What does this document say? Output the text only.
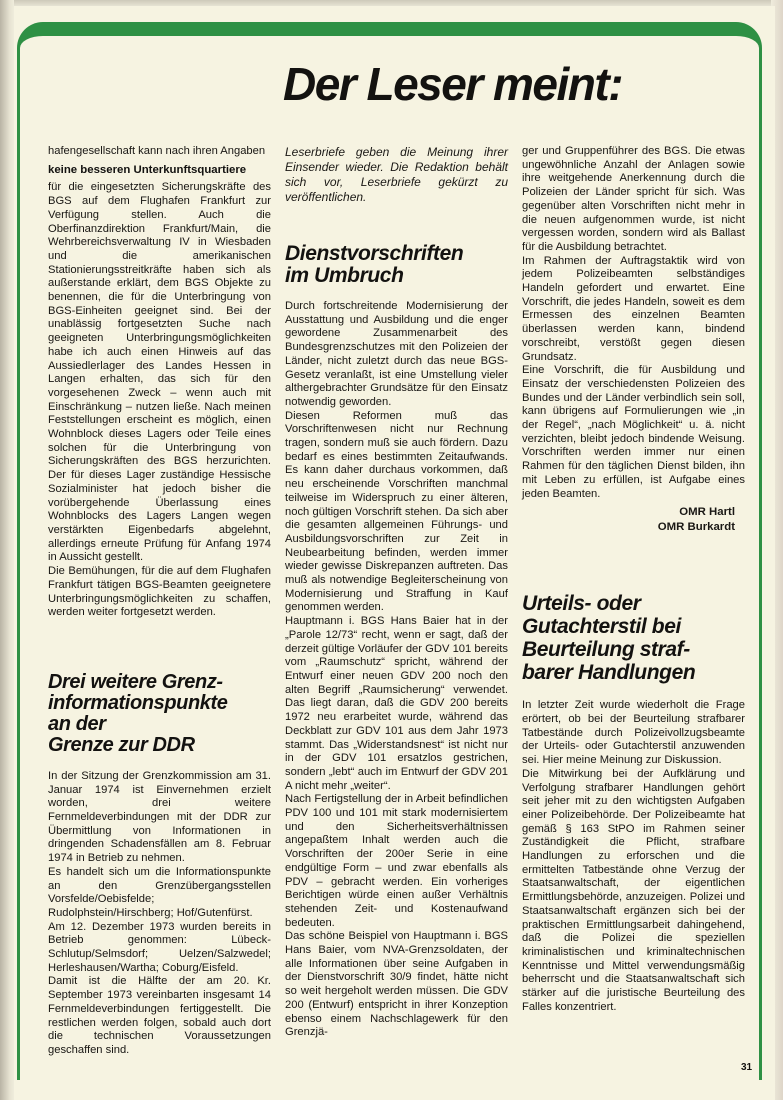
Der Leser meint:

hafengesellschaft kann nach ihren Angaben

keine besseren Unterkunftsquartiere

für die eingesetzten Sicherungskräfte des BGS auf dem Flughafen Frankfurt zur Verfügung stellen. Auch die Oberfinanzdirektion Frankfurt/Main, die Wehrbereichsverwaltung IV in Wiesbaden und die amerikanischen Stationierungsstreitkräfte haben sich als außerstande erklärt, dem BGS Objekte zu benennen, die für die Unterbringung von BGS-Einheiten geeignet sind. Bei der unablässig fortgesetzten Suche nach geeigneten Unterbringungsmöglichkeiten habe ich auch einen Hinweis auf das Aussiedlerlager des Landes Hessen in Langen erhalten, das sich für den vorgesehenen Zweck – wenn auch mit Einschränkung – nutzen ließe. Nach meinen Feststellungen erscheint es möglich, einen Wohnblock dieses Lagers oder Teile eines solchen für die Unterbringung von Sicherungskräften des BGS herzurichten. Der für dieses Lager zuständige Hessische Sozialminister hat jedoch bisher die vorübergehende Überlassung eines Wohnblocks des Lagers Langen wegen verstärkten Eigenbedarfs abgelehnt, allerdings erneute Prüfung für Anfang 1974 in Aussicht gestellt.

Die Bemühungen, für die auf dem Flughafen Frankfurt tätigen BGS-Beamten geeignetere Unterbringungsmöglichkeiten zu schaffen, werden weiter fortgesetzt werden.

Drei weitere Grenz-
informationspunkte
an der
Grenze zur DDR

In der Sitzung der Grenzkommission am 31. Januar 1974 ist Einvernehmen erzielt worden, drei weitere Fernmeldeverbindungen mit der DDR zur Übermittlung von Informationen in dringenden Schadensfällen am 8. Februar 1974 in Betrieb zu nehmen.

Es handelt sich um die Informationspunkte an den Grenzübergangsstellen Vorsfelde/Oebisfelde; Rudolphstein/Hirschberg; Hof/Gutenfürst.

Am 12. Dezember 1973 wurden bereits in Betrieb genommen: Lübeck-Schlutup/Selmsdorf; Uelzen/Salzwedel; Herleshausen/Wartha; Coburg/Eisfeld.

Kr.
Damit ist die Hälfte der am 20. September 1973 vereinbarten insgesamt 14 Fernmeldeverbindungen fertiggestellt. Die restlichen werden folgen, sobald auch dort die technischen Voraussetzungen geschaffen sind.

Leserbriefe geben die Meinung ihrer Einsender wieder. Die Redaktion behält sich vor, Leserbriefe gekürzt zu veröffentlichen.

Dienstvorschriften
im Umbruch

Durch fortschreitende Modernisierung der Ausstattung und Ausbildung und die enger gewordene Zusammenarbeit des Bundesgrenzschutzes mit den Polizeien der Länder, nicht zuletzt durch das neue BGS-Gesetz veranlaßt, ist eine Umstellung vieler althergebrachter Grundsätze für den Einsatz notwendig geworden.

Diesen Reformen muß das Vorschriftenwesen nicht nur Rechnung tragen, sondern muß sie auch fördern. Dazu bedarf es eines bestimmten Zeitaufwands. Es kann daher durchaus vorkommen, daß neu erscheinende Vorschriften manchmal teilweise im Widerspruch zu einer älteren, noch gültigen Vorschrift stehen. Da sich aber die gesamten allgemeinen Führungs- und Ausbildungsvorschriften zur Zeit in Neubearbeitung befinden, werden immer wieder gewisse Diskrepanzen auftreten. Das muß als notwendige Begleiterscheinung von Modernisierung und Straffung in Kauf genommen werden.

Hauptmann i. BGS Hans Baier hat in der „Parole 12/73“ recht, wenn er sagt, daß der derzeit gültige Vorläufer der GDV 101 bereits vom „Raumschutz“ spricht, während der Entwurf einer neuen GDV 200 noch den alten Begriff „Raumsicherung“ verwendet. Das liegt daran, daß die GDV 200 bereits 1972 neu erarbeitet wurde, während das Deckblatt zur GDV 101 aus dem Jahr 1973 stammt. Das „Widerstandsnest“ ist nicht nur in der GDV 101 ersatzlos gestrichen, sondern „lebt“ auch im Entwurf der GDV 201 A nicht mehr „weiter“.

Nach Fertigstellung der in Arbeit befindlichen PDV 100 und 101 mit stark modernisiertem und den Sicherheitsverhältnissen angepaßtem Inhalt werden auch die Vorschriften der 200er Serie in eine endgültige Form – und zwar ebenfalls als PDV – gebracht werden. Ein vorheriges Berichtigen würde einen außer Verhältnis stehenden Zeit- und Kostenaufwand bedeuten.

Das schöne Beispiel von Hauptmann i. BGS Hans Baier, vom NVA-Grenzsoldaten, der alle Informationen über seine Aufgaben in der Dienstvorschrift 30/9 findet, hätte nicht so weit hergeholt werden müssen. Die GDV 200 (Entwurf) entspricht in ihrer Konzeption ebenso einem Nachschlagewerk für den Grenzjä-

ger und Gruppenführer des BGS. Die etwas ungewöhnliche Anzahl der Anlagen sowie ihre weitgehende Anerkennung durch die Polizeien der Länder spricht für sich. Was gegenüber alten Vorschriften nicht mehr in die neuen aufgenommen wurde, ist nicht vergessen worden, sondern wird als Ballast für die Ausbildung betrachtet.

Im Rahmen der Auftragstaktik wird von jedem Polizeibeamten selbständiges Handeln gefordert und erwartet. Eine Vorschrift, die jedes Handeln, soweit es dem Ermessen des einzelnen Beamten überlassen werden kann, bindend vorschreibt, verstößt gegen diesen Grundsatz.

Eine Vorschrift, die für Ausbildung und Einsatz der verschiedensten Polizeien des Bundes und der Länder verbindlich sein soll, kann übrigens auf Formulierungen wie „in der Regel“, „nach Möglichkeit“ u. ä. nicht verzichten, bleibt jedoch bindende Weisung. Vorschriften werden immer nur einen Rahmen für den täglichen Dienst bilden, ihn mit Leben zu erfüllen, ist Aufgabe eines jeden Beamten.

OMR Hartl
OMR Burkardt
Urteils- oder
Gutachterstil bei
Beurteilung straf-
barer Handlungen

In letzter Zeit wurde wiederholt die Frage erörtert, ob bei der Beurteilung strafbarer Tatbestände durch Polizeivollzugsbeamte der Urteils- oder Gutachterstil anzuwenden sei. Hier meine Meinung zur Diskussion.

Die Mitwirkung bei der Aufklärung und Verfolgung strafbarer Handlungen gehört seit jeher mit zu den wichtigsten Aufgaben einer Polizeibehörde. Der Polizeibeamte hat gemäß § 163 StPO im Rahmen seiner Zuständigkeit die Pflicht, strafbare Handlungen zu erforschen und die ermittelten Tatbestände ohne Verzug der Staatsanwaltschaft, der eigentlichen Ermittlungsbehörde, anzuzeigen. Polizei und Staatsanwaltschaft ergänzen sich bei der praktischen Ermittlungsarbeit dahingehend, daß die Polizei die speziellen kriminalistischen und kriminaltechnischen Kenntnisse und Mittel verwendungsmäßig beherrscht und die Staatsanwaltschaft sich stärker auf die juristische Beurteilung des Falles konzentriert.

31
